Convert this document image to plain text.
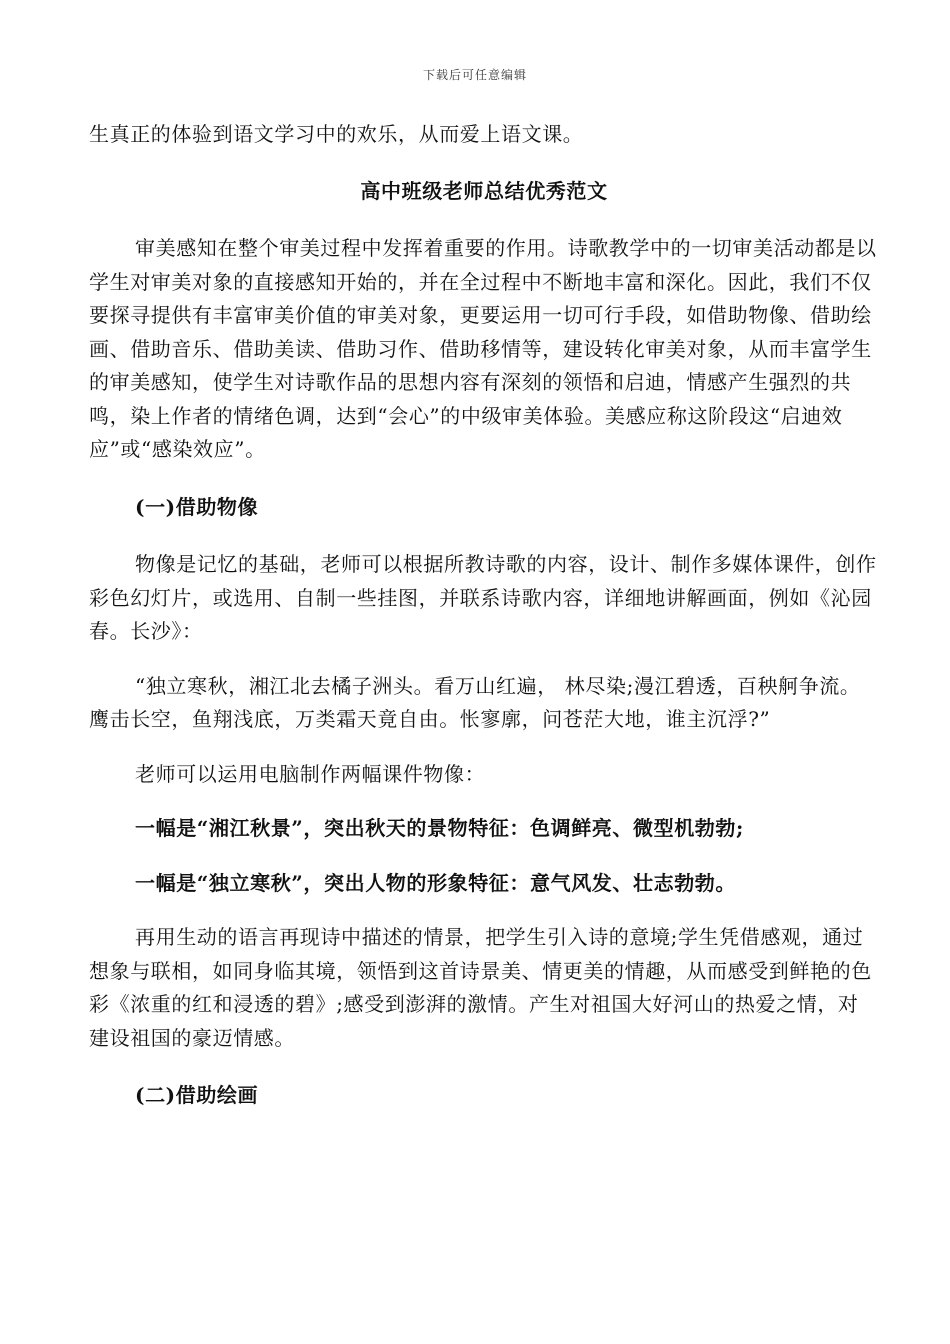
下载后可任意编辑

生真正的体验到语文学习中的欢乐，从而爱上语文课。

高中班级老师总结优秀范文

审美感知在整个审美过程中发挥着重要的作用。诗歌教学中的一切审美活动都是以学生对审美对象的直接感知开始的，并在全过程中不断地丰富和深化。因此，我们不仅要探寻提供有丰富审美价值的审美对象，更要运用一切可行手段，如借助物像、借助绘画、借助音乐、借助美读、借助习作、借助移情等，建设转化审美对象，从而丰富学生的审美感知，使学生对诗歌作品的思想内容有深刻的领悟和启迪，情感产生强烈的共鸣，染上作者的情绪色调，达到“会心”的中级审美体验。美感应称这阶段这“启迪效应”或“感染效应”。

(一)借助物像

物像是记忆的基础，老师可以根据所教诗歌的内容，设计、制作多媒体课件，创作彩色幻灯片，或选用、自制一些挂图，并联系诗歌内容，详细地讲解画面，例如《沁园春。长沙》：

“独立寒秋，湘江北去橘子洲头。看万山红遍， 林尽染;漫江碧透，百秧舸争流。鹰击长空，鱼翔浅底，万类霜天竟自由。怅寥廓，问苍茫大地，谁主沉浮?”

老师可以运用电脑制作两幅课件物像：

一幅是“湘江秋景”，突出秋天的景物特征：色调鲜亮、微型机勃勃;

一幅是“独立寒秋”，突出人物的形象特征：意气风发、壮志勃勃。

再用生动的语言再现诗中描述的情景，把学生引入诗的意境;学生凭借感观，通过想象与联相，如同身临其境，领悟到这首诗景美、情更美的情趣，从而感受到鲜艳的色彩《浓重的红和浸透的碧》;感受到澎湃的激情。产生对祖国大好河山的热爱之情，对建设祖国的豪迈情感。

(二)借助绘画
